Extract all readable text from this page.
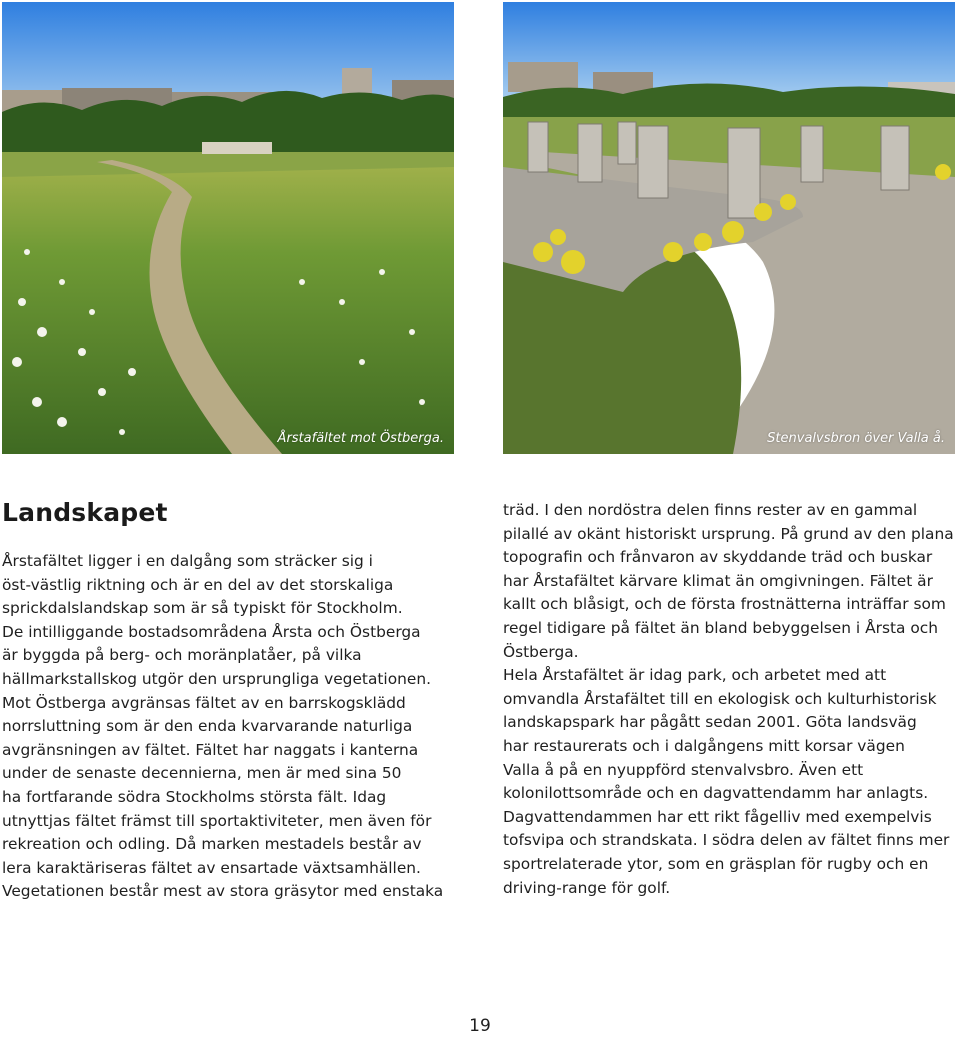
Årstafältet mot Östberga.	Stenvalvsbron över Valla å.
Landskapet
Årstafältet ligger i en dalgång som sträcker sig i
öst-västlig riktning och är en del av det storskaliga
sprickdalslandskap som är så typiskt för Stockholm.
De intilliggande bostadsområdena Årsta och Östberga
är byggda på berg- och moränplatåer, på vilka
hällmarkstallskog utgör den ursprungliga vegetationen.
Mot Östberga avgränsas fältet av en barrskogsklädd
norrsluttning som är den enda kvarvarande naturliga
avgränsningen av fältet. Fältet har naggats i kanterna
under de senaste decennierna, men är med sina 50
ha fortfarande södra Stockholms största fält. Idag
utnyttjas fältet främst till sportaktiviteter, men även för
rekreation och odling. Då marken mestadels består av
lera karaktäriseras fältet av ensartade växtsamhällen.
Vegetationen består mest av stora gräsytor med enstaka
träd. I den nordöstra delen finns rester av en gammal
pilallé av okänt historiskt ursprung. På grund av den plana
topografin och frånvaron av skyddande träd och buskar
har Årstafältet kärvare klimat än omgivningen. Fältet är
kallt och blåsigt, och de första frostnätterna inträffar som
regel tidigare på fältet än bland bebyggelsen i Årsta och
Östberga.
Hela Årstafältet är idag park, och arbetet med att
omvandla Årstafältet till en ekologisk och kulturhistorisk
landskapspark har pågått sedan 2001. Göta landsväg
har restaurerats och i dalgångens mitt korsar vägen
Valla å på en nyuppförd stenvalvsbro. Även ett
kolonilottsområde och en dagvattendamm har anlagts.
Dagvattendammen har ett rikt fågelliv med exempelvis
tofsvipa och strandskata. I södra delen av fältet finns mer
sportrelaterade ytor, som en gräsplan för rugby och en
driving-range för golf.
19
